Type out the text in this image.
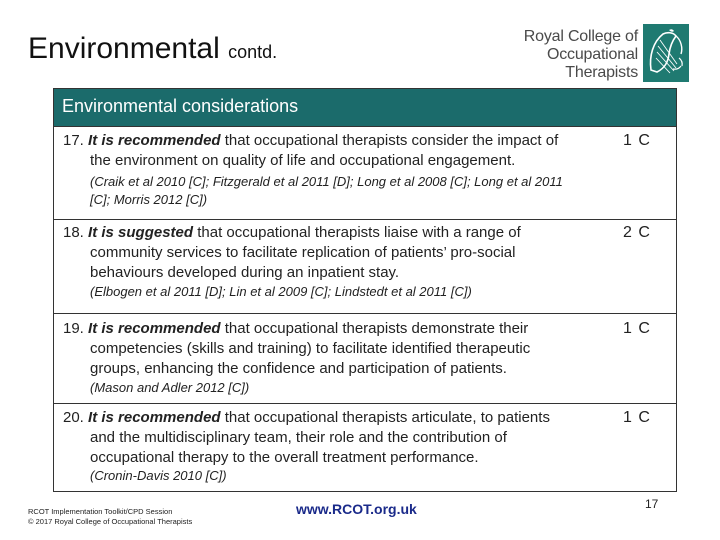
Environmental contd.
Royal College of
Occupational
Therapists
Environmental considerations
17. It is recommended that occupational therapists consider the impact of
the environment on quality of life and occupational engagement.
1 C
(Craik et al 2010 [C]; Fitzgerald et al 2011 [D]; Long et al 2008 [C]; Long et al 2011
[C]; Morris 2012 [C])
18. It is suggested that occupational therapists liaise with a range of
community services to facilitate replication of patients’ pro-social
behaviours developed during an inpatient stay.
2 C
(Elbogen et al 2011 [D]; Lin et al 2009 [C]; Lindstedt et al 2011 [C])
19. It is recommended that occupational therapists demonstrate their
competencies (skills and training) to facilitate identified therapeutic
groups, enhancing the confidence and participation of patients.
1 C
(Mason and Adler 2012 [C])
20. It is recommended that occupational therapists articulate, to patients
and the multidisciplinary team, their role and the contribution of
occupational therapy to the overall treatment performance.
1 C
(Cronin-Davis 2010 [C])
RCOT Implementation Toolkit/CPD Session
© 2017 Royal College of Occupational Therapists
www.RCOT.org.uk	17
